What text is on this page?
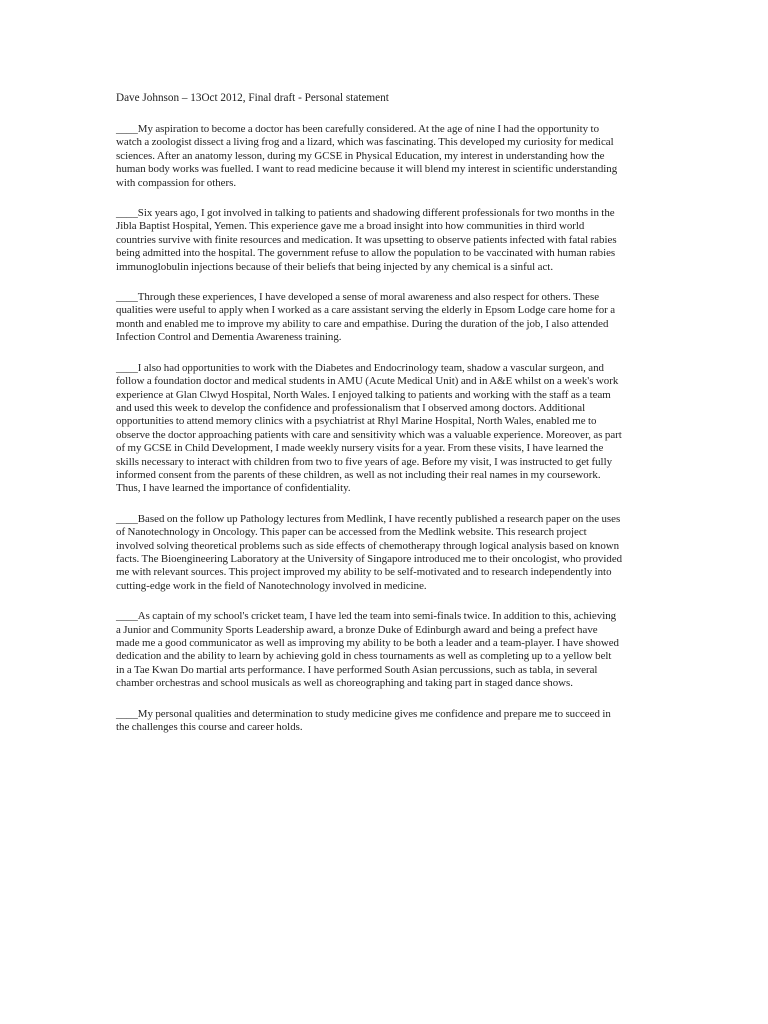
Dave Johnson – 13Oct 2012, Final draft - Personal statement
____My aspiration to become a doctor has been carefully considered. At the age of nine I had the opportunity to
watch a zoologist dissect a living frog and a lizard, which was fascinating. This developed my curiosity for medical
sciences. After an anatomy lesson, during my GCSE in Physical Education, my interest in understanding how the
human body works was fuelled. I want to read medicine because it will blend my interest in scientific understanding
with compassion for others.
____Six years ago, I got involved in talking to patients and shadowing different professionals for two months in the
Jibla Baptist Hospital, Yemen. This experience gave me a broad insight into how communities in third world
countries survive with finite resources and medication. It was upsetting to observe patients infected with fatal rabies
being admitted into the hospital. The government refuse to allow the population to be vaccinated with human rabies
immunoglobulin injections because of their beliefs that being injected by any chemical is a sinful act.
____Through these experiences, I have developed a sense of moral awareness and also respect for others. These
qualities were useful to apply when I worked as a care assistant serving the elderly in Epsom Lodge care home for a
month and enabled me to improve my ability to care and empathise. During the duration of the job, I also attended
Infection Control and Dementia Awareness training.
____I also had opportunities to work with the Diabetes and Endocrinology team, shadow a vascular surgeon, and
follow a foundation doctor and medical students in AMU (Acute Medical Unit) and in A&E whilst on a week's work
experience at Glan Clwyd Hospital, North Wales. I enjoyed talking to patients and working with the staff as a team
and used this week to develop the confidence and professionalism that I observed among doctors. Additional
opportunities to attend memory clinics with a psychiatrist at Rhyl Marine Hospital, North Wales, enabled me to
observe the doctor approaching patients with care and sensitivity which was a valuable experience. Moreover, as part
of my GCSE in Child Development, I made weekly nursery visits for a year. From these visits, I have learned the
skills necessary to interact with children from two to five years of age. Before my visit, I was instructed to get fully
informed consent from the parents of these children, as well as not including their real names in my coursework.
Thus, I have learned the importance of confidentiality.
____Based on the follow up Pathology lectures from Medlink, I have recently published a research paper on the uses
of Nanotechnology in Oncology. This paper can be accessed from the Medlink website. This research project
involved solving theoretical problems such as side effects of chemotherapy through logical analysis based on known
facts. The Bioengineering Laboratory at the University of Singapore introduced me to their oncologist, who provided
me with relevant sources. This project improved my ability to be self-motivated and to research independently into
cutting-edge work in the field of Nanotechnology involved in medicine.
____As captain of my school's cricket team, I have led the team into semi-finals twice. In addition to this, achieving
a Junior and Community Sports Leadership award, a bronze Duke of Edinburgh award and being a prefect have
made me a good communicator as well as improving my ability to be both a leader and a team-player. I have showed
dedication and the ability to learn by achieving gold in chess tournaments as well as completing up to a yellow belt
in a Tae Kwan Do martial arts performance. I have performed South Asian percussions, such as tabla, in several
chamber orchestras and school musicals as well as choreographing and taking part in staged dance shows.
____My personal qualities and determination to study medicine gives me confidence and prepare me to succeed in
the challenges this course and career holds.
